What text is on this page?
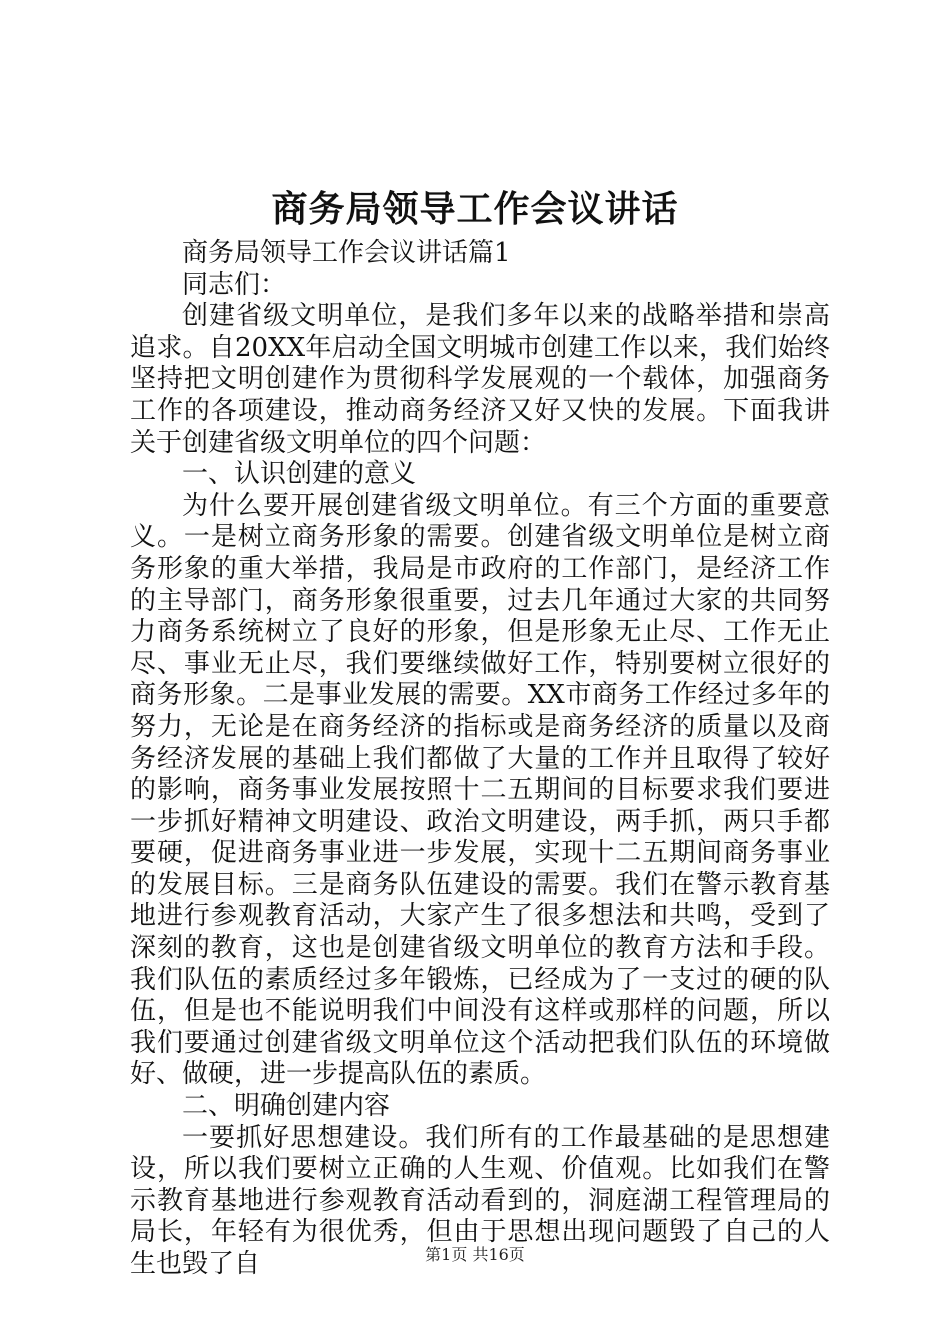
商务局领导工作会议讲话

商务局领导工作会议讲话篇1

同志们：

创建省级文明单位，是我们多年以来的战略举措和崇高追求。自20XX年启动全国文明城市创建工作以来，我们始终坚持把文明创建作为贯彻科学发展观的一个载体，加强商务工作的各项建设，推动商务经济又好又快的发展。下面我讲关于创建省级文明单位的四个问题：

一、认识创建的意义

为什么要开展创建省级文明单位。有三个方面的重要意义。一是树立商务形象的需要。创建省级文明单位是树立商务形象的重大举措，我局是市政府的工作部门，是经济工作的主导部门，商务形象很重要，过去几年通过大家的共同努力商务系统树立了良好的形象，但是形象无止尽、工作无止尽、事业无止尽，我们要继续做好工作，特别要树立很好的商务形象。二是事业发展的需要。XX市商务工作经过多年的努力，无论是在商务经济的指标或是商务经济的质量以及商务经济发展的基础上我们都做了大量的工作并且取得了较好的影响，商务事业发展按照十二五期间的目标要求我们要进一步抓好精神文明建设、政治文明建设，两手抓，两只手都要硬，促进商务事业进一步发展，实现十二五期间商务事业的发展目标。三是商务队伍建设的需要。我们在警示教育基地进行参观教育活动，大家产生了很多想法和共鸣，受到了深刻的教育，这也是创建省级文明单位的教育方法和手段。我们队伍的素质经过多年锻炼，已经成为了一支过的硬的队伍，但是也不能说明我们中间没有这样或那样的问题，所以我们要通过创建省级文明单位这个活动把我们队伍的环境做好、做硬，进一步提高队伍的素质。

二、明确创建内容

一要抓好思想建设。我们所有的工作最基础的是思想建设，所以我们要树立正确的人生观、价值观。比如我们在警示教育基地进行参观教育活动看到的，洞庭湖工程管理局的局长，年轻有为很优秀，但由于思想出现问题毁了自己的人生也毁了自	第1页 共16页
